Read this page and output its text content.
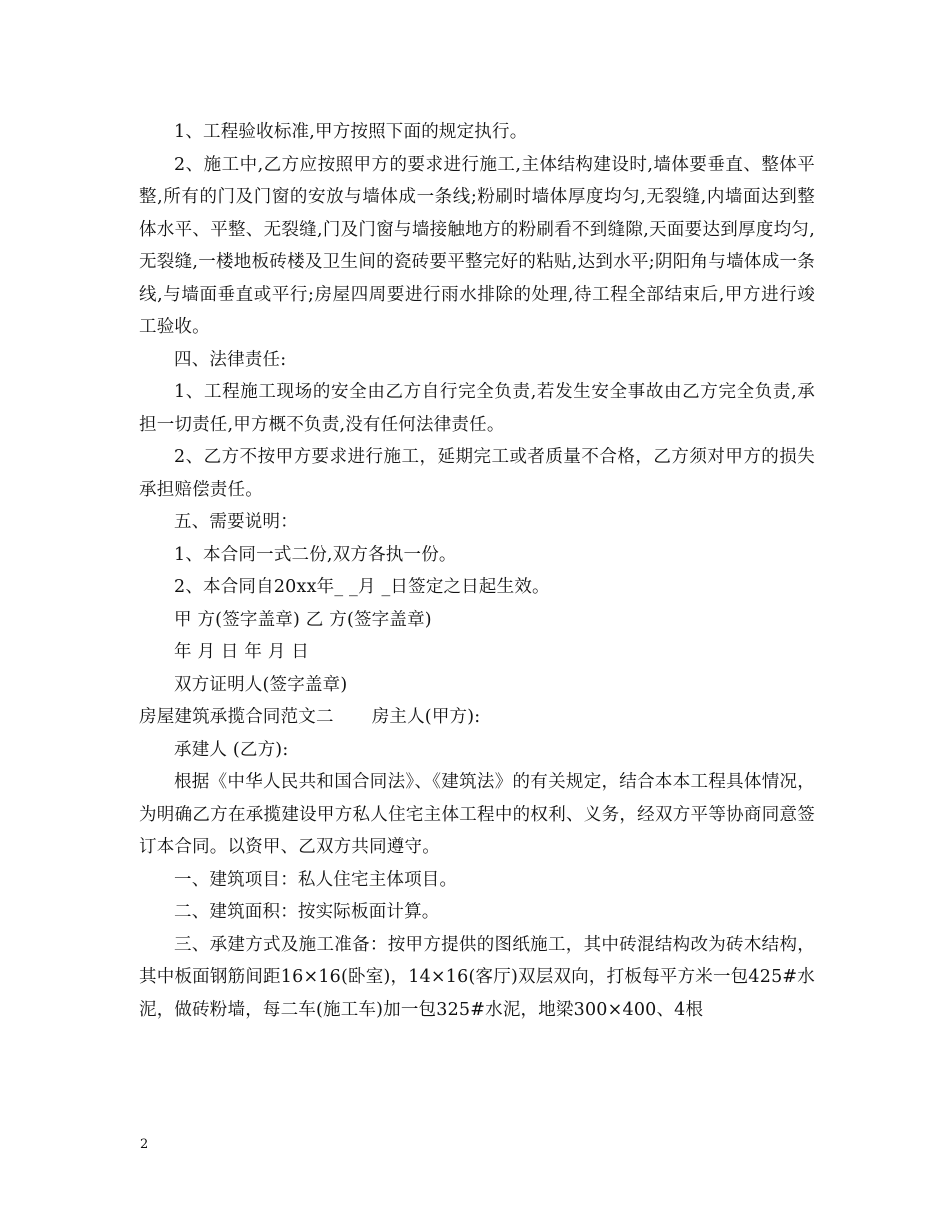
1、工程验收标准,甲方按照下面的规定执行。

2、施工中,乙方应按照甲方的要求进行施工,主体结构建设时,墙体要垂直、整体平整,所有的门及门窗的安放与墙体成一条线;粉刷时墙体厚度均匀,无裂缝,内墙面达到整体水平、平整、无裂缝,门及门窗与墙接触地方的粉刷看不到缝隙,天面要达到厚度均匀,无裂缝,一楼地板砖楼及卫生间的瓷砖要平整完好的粘贴,达到水平;阴阳角与墙体成一条线,与墙面垂直或平行;房屋四周要进行雨水排除的处理,待工程全部结束后,甲方进行竣工验收。

四、法律责任:

1、工程施工现场的安全由乙方自行完全负责,若发生安全事故由乙方完全负责,承担一切责任,甲方概不负责,没有任何法律责任。

2、乙方不按甲方要求进行施工，延期完工或者质量不合格，乙方须对甲方的损失承担赔偿责任。

五、需要说明：

1、本合同一式二份,双方各执一份。

2、本合同自20xx年_ _月 _日签定之日起生效。

甲 方(签字盖章) 乙 方(签字盖章)

年 月 日 年 月 日

双方证明人(签字盖章)

房屋建筑承揽合同范文二 房主人(甲方):

承建人 (乙方):

根据《中华人民共和国合同法》、《建筑法》的有关规定，结合本本工程具体情况，为明确乙方在承揽建设甲方私人住宅主体工程中的权利、义务，经双方平等协商同意签订本合同。以资甲、乙双方共同遵守。

一、建筑项目：私人住宅主体项目。

二、建筑面积：按实际板面计算。

三、承建方式及施工准备：按甲方提供的图纸施工，其中砖混结构改为砖木结构，其中板面钢筋间距16×16(卧室)，14×16(客厅)双层双向，打板每平方米一包425#水泥，做砖粉墙，每二车(施工车)加一包325#水泥，地梁300×400、4根

2
